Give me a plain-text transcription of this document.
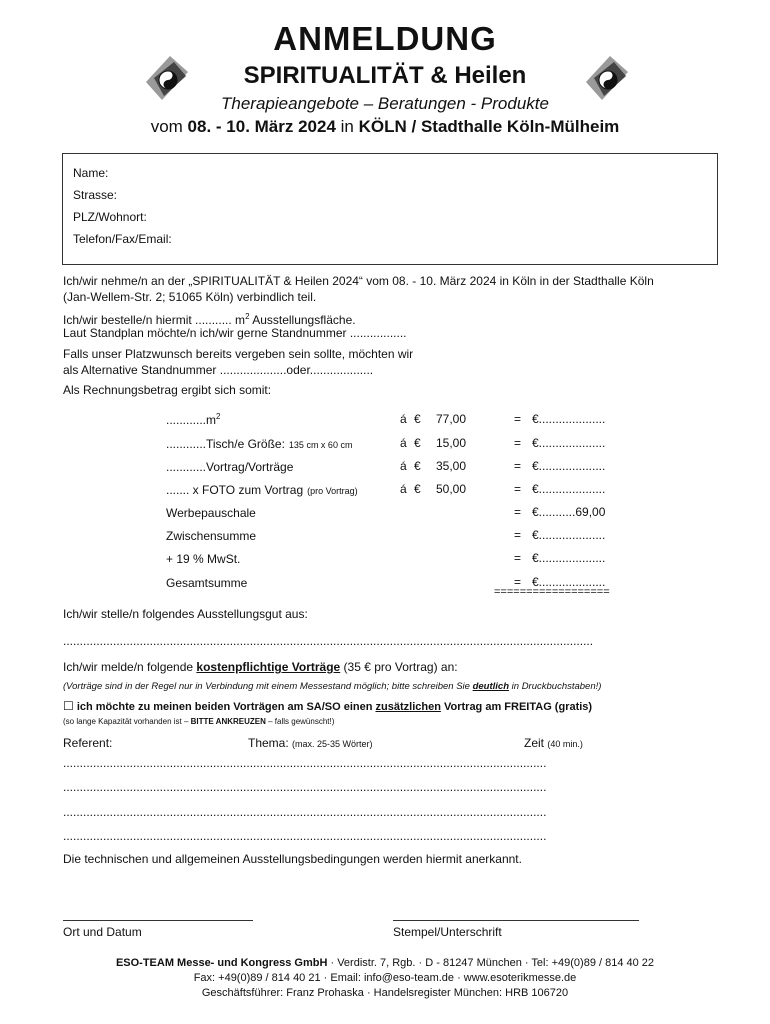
ANMELDUNG
SPIRITUALITÄT & Heilen
Therapieangebote – Beratungen - Produkte
vom 08. - 10. März 2024 in KÖLN / Stadthalle Köln-Mülheim
Name:
Strasse:
PLZ/Wohnort:
Telefon/Fax/Email:
Ich/wir nehme/n an der „SPIRITUALITÄT & Heilen 2024“ vom 08. - 10. März 2024 in Köln in der Stadthalle Köln
(Jan-Wellem-Str. 2; 51065 Köln) verbindlich teil.
Ich/wir bestelle/n hiermit ........... $m^2$ Ausstellungsfläche.
Laut Standplan möchte/n ich/wir gerne Standnummer .................
Falls unser Platzwunsch bereits vergeben sein sollte, möchten wir
als Alternative Standnummer ....................oder...................
Als Rechnungsbetrag ergibt sich somit:
$............m^2$	á € 77,00	= €....................
............Tisch/e Größe: 135 cm x 60 cm	á € 15,00	= €....................
............Vortrag/Vorträge	á € 35,00	= €....................
....... x FOTO zum Vortrag (pro Vortrag)	á € 50,00	= €....................
Werbepauschale	= €...........69,00
Zwischensumme	= €....................
+ 19 % MwSt.	= €....................
Gesamtsumme	= €....................
==================
Ich/wir stelle/n folgendes Ausstellungsgut aus:
...............................................................................................................................................................
Ich/wir melde/n folgende kostenpflichtige Vorträge (35 € pro Vortrag) an:
(Vorträge sind in der Regel nur in Verbindung mit einem Messestand möglich; bitte schreiben Sie deutlich in Druckbuchstaben!)
☐ ich möchte zu meinen beiden Vorträgen am SA/SO einen zusätzlichen Vortrag am FREITAG (gratis)
(so lange Kapazität vorhanden ist – BITTE ANKREUZEN – falls gewünscht!)
Referent:	Thema: (max. 25-35 Wörter)	Zeit (40 min.)
.................................................................................................................................................
.................................................................................................................................................
.................................................................................................................................................
.................................................................................................................................................
Die technischen und allgemeinen Ausstellungsbedingungen werden hiermit anerkannt.
Ort und Datum	Stempel/Unterschrift
ESO-TEAM Messe- und Kongress GmbH · Verdistr. 7, Rgb. · D - 81247 München · Tel: +49(0)89 / 814 40 22
Fax: +49(0)89 / 814 40 21 · Email: info@eso-team.de · www.esoterikmesse.de
Geschäftsführer: Franz Prohaska · Handelsregister München: HRB 106720
